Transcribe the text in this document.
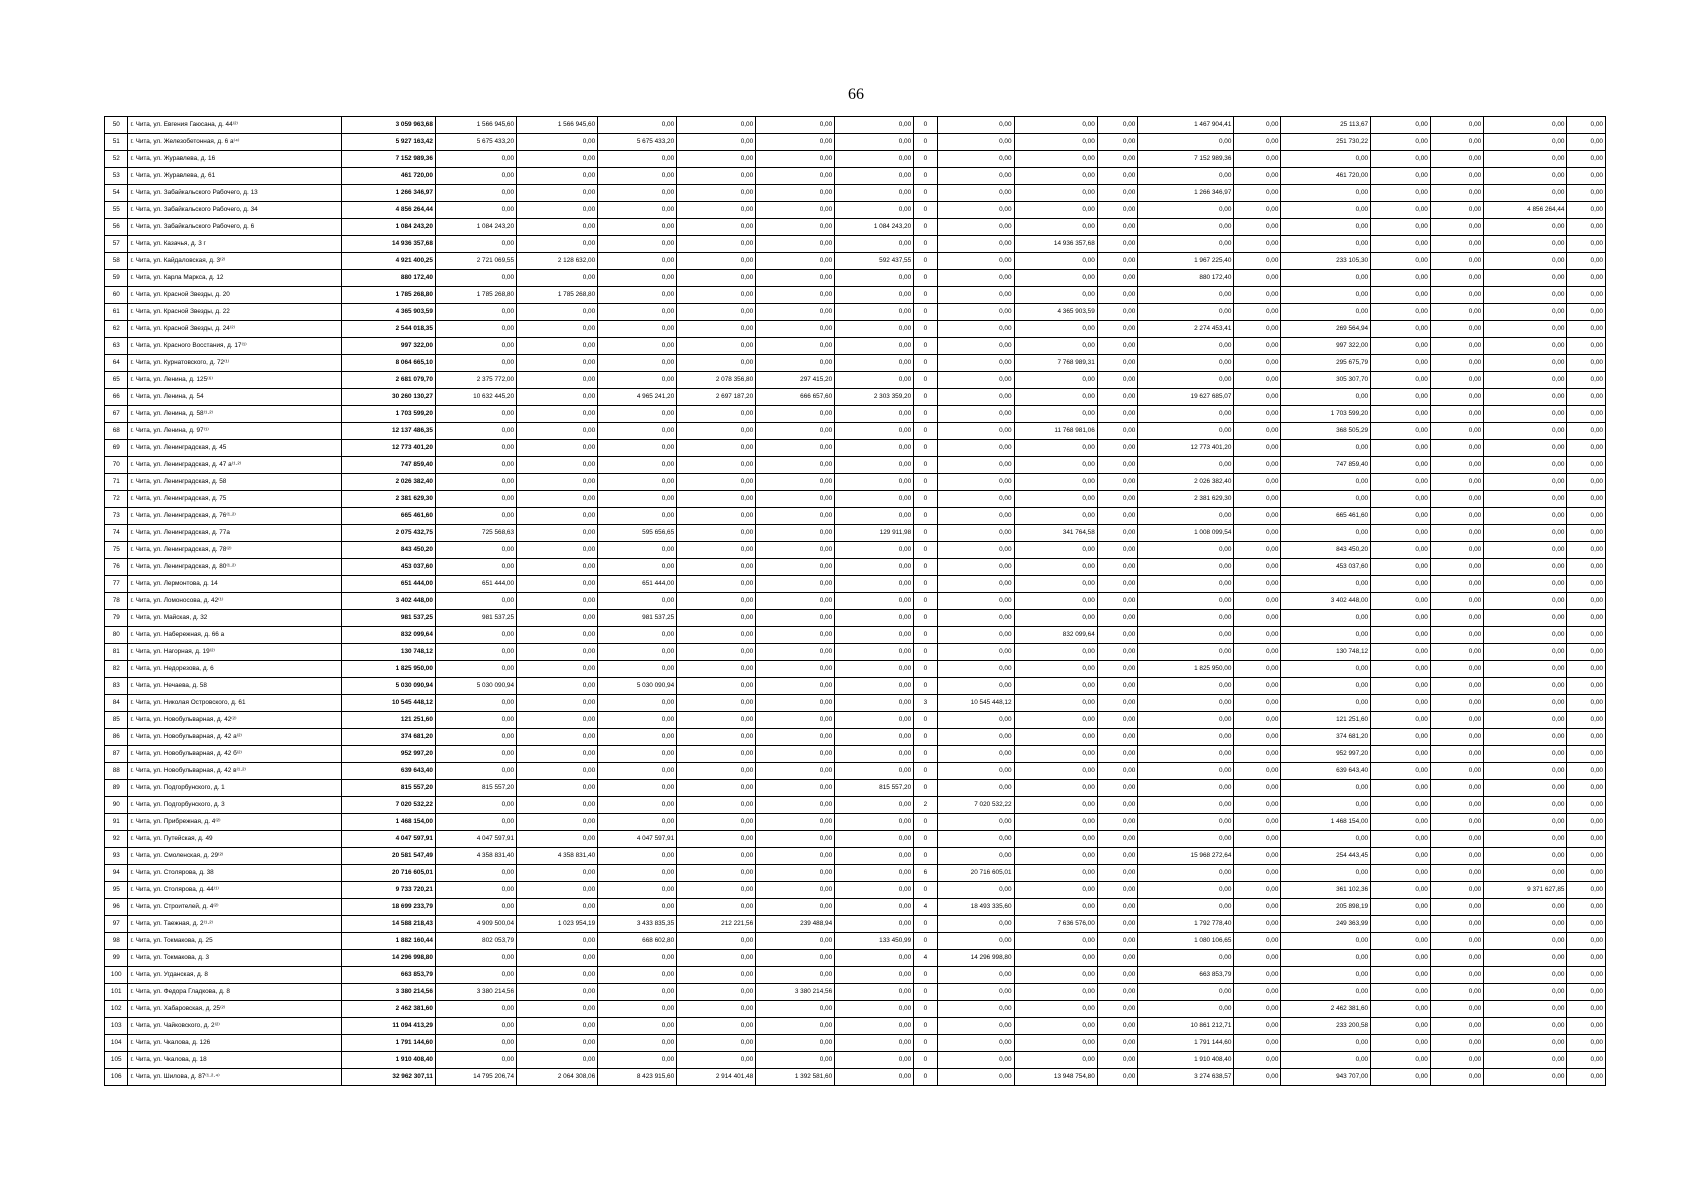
66
50	г. Чита, ул. Евгения Гаюсана, д. 44⁽²⁾	3 059 963,68	1 566 945,60	1 566 945,60	0,00	0,00	0,00	0,00	0	0,00	0,00	0,00	1 467 904,41	0,00	25 113,67	0,00	0,00	0,00	0,00
51	г. Чита, ул. Железобетонная, д. 6 а⁽⁴⁾	5 927 163,42	5 675 433,20	0,00	5 675 433,20	0,00	0,00	0,00	0	0,00	0,00	0,00	0,00	0,00	251 730,22	0,00	0,00	0,00	0,00
52	г. Чита, ул. Журавлева, д. 16	7 152 989,36	0,00	0,00	0,00	0,00	0,00	0,00	0	0,00	0,00	0,00	7 152 989,36	0,00	0,00	0,00	0,00	0,00	0,00
53	г. Чита, ул. Журавлева, д. 61	461 720,00	0,00	0,00	0,00	0,00	0,00	0,00	0	0,00	0,00	0,00	0,00	0,00	461 720,00	0,00	0,00	0,00	0,00
54	г. Чита, ул. Забайкальского Рабочего, д. 13	1 266 346,97	0,00	0,00	0,00	0,00	0,00	0,00	0	0,00	0,00	0,00	1 266 346,97	0,00	0,00	0,00	0,00	0,00	0,00
55	г. Чита, ул. Забайкальского Рабочего, д. 34	4 856 264,44	0,00	0,00	0,00	0,00	0,00	0,00	0	0,00	0,00	0,00	0,00	0,00	0,00	0,00	0,00	4 856 264,44	0,00
56	г. Чита, ул. Забайкальского Рабочего, д. 6	1 084 243,20	1 084 243,20	0,00	0,00	0,00	0,00	1 084 243,20	0	0,00	0,00	0,00	0,00	0,00	0,00	0,00	0,00	0,00	0,00
57	г. Чита, ул. Казачья, д. 3 г	14 936 357,68	0,00	0,00	0,00	0,00	0,00	0,00	0	0,00	14 936 357,68	0,00	0,00	0,00	0,00	0,00	0,00	0,00	0,00
58	г. Чита, ул. Кайдаловская, д. 3⁽²⁾	4 921 400,25	2 721 069,55	2 128 632,00	0,00	0,00	0,00	592 437,55	0	0,00	0,00	0,00	1 967 225,40	0,00	233 105,30	0,00	0,00	0,00	0,00
59	г. Чита, ул. Карла Маркса, д. 12	880 172,40	0,00	0,00	0,00	0,00	0,00	0,00	0	0,00	0,00	0,00	880 172,40	0,00	0,00	0,00	0,00	0,00	0,00
60	г. Чита, ул. Красной Звезды, д. 20	1 785 268,80	1 785 268,80	1 785 268,80	0,00	0,00	0,00	0,00	0	0,00	0,00	0,00	0,00	0,00	0,00	0,00	0,00	0,00	0,00
61	г. Чита, ул. Красной Звезды, д. 22	4 365 903,59	0,00	0,00	0,00	0,00	0,00	0,00	0	0,00	4 365 903,59	0,00	0,00	0,00	0,00	0,00	0,00	0,00	0,00
62	г. Чита, ул. Красной Звезды, д. 24⁽²⁾	2 544 018,35	0,00	0,00	0,00	0,00	0,00	0,00	0	0,00	0,00	0,00	2 274 453,41	0,00	269 564,94	0,00	0,00	0,00	0,00
63	г. Чита, ул. Красного Восстания, д. 17⁽¹⁾	997 322,00	0,00	0,00	0,00	0,00	0,00	0,00	0	0,00	0,00	0,00	0,00	0,00	997 322,00	0,00	0,00	0,00	0,00
64	г. Чита, ул. Курнатовского, д. 72⁽¹⁾	8 064 665,10	0,00	0,00	0,00	0,00	0,00	0,00	0	0,00	7 768 989,31	0,00	0,00	0,00	295 675,79	0,00	0,00	0,00	0,00
65	г. Чита, ул. Ленина, д. 125⁽⁶⁾	2 681 079,70	2 375 772,00	0,00	0,00	2 078 356,80	297 415,20	0,00	0	0,00	0,00	0,00	0,00	0,00	305 307,70	0,00	0,00	0,00	0,00
66	г. Чита, ул. Ленина, д. 54	30 260 130,27	10 632 445,20	0,00	4 965 241,20	2 697 187,20	666 657,60	2 303 359,20	0	0,00	0,00	0,00	19 627 685,07	0,00	0,00	0,00	0,00	0,00	0,00
67	г. Чита, ул. Ленина, д. 58⁽¹·²⁾	1 703 599,20	0,00	0,00	0,00	0,00	0,00	0,00	0	0,00	0,00	0,00	0,00	0,00	1 703 599,20	0,00	0,00	0,00	0,00
68	г. Чита, ул. Ленина, д. 97⁽¹⁾	12 137 486,35	0,00	0,00	0,00	0,00	0,00	0,00	0	0,00	11 768 981,06	0,00	0,00	0,00	368 505,29	0,00	0,00	0,00	0,00
69	г. Чита, ул. Ленинградская, д. 45	12 773 401,20	0,00	0,00	0,00	0,00	0,00	0,00	0	0,00	0,00	0,00	12 773 401,20	0,00	0,00	0,00	0,00	0,00	0,00
70	г. Чита, ул. Ленинградская, д. 47 а⁽¹·²⁾	747 859,40	0,00	0,00	0,00	0,00	0,00	0,00	0	0,00	0,00	0,00	0,00	0,00	747 859,40	0,00	0,00	0,00	0,00
71	г. Чита, ул. Ленинградская, д. 58	2 026 382,40	0,00	0,00	0,00	0,00	0,00	0,00	0	0,00	0,00	0,00	2 026 382,40	0,00	0,00	0,00	0,00	0,00	0,00
72	г. Чита, ул. Ленинградская, д. 75	2 381 629,30	0,00	0,00	0,00	0,00	0,00	0,00	0	0,00	0,00	0,00	2 381 629,30	0,00	0,00	0,00	0,00	0,00	0,00
73	г. Чита, ул. Ленинградская, д. 76⁽¹·²⁾	665 461,60	0,00	0,00	0,00	0,00	0,00	0,00	0	0,00	0,00	0,00	0,00	0,00	665 461,60	0,00	0,00	0,00	0,00
74	г. Чита, ул. Ленинградская, д. 77а	2 075 432,75	725 568,63	0,00	595 656,65	0,00	0,00	129 911,98	0	0,00	341 764,58	0,00	1 008 099,54	0,00	0,00	0,00	0,00	0,00	0,00
75	г. Чита, ул. Ленинградская, д. 78⁽²⁾	843 450,20	0,00	0,00	0,00	0,00	0,00	0,00	0	0,00	0,00	0,00	0,00	0,00	843 450,20	0,00	0,00	0,00	0,00
76	г. Чита, ул. Ленинградская, д. 80⁽¹·²⁾	453 037,60	0,00	0,00	0,00	0,00	0,00	0,00	0	0,00	0,00	0,00	0,00	0,00	453 037,60	0,00	0,00	0,00	0,00
77	г. Чита, ул. Лермонтова, д. 14	651 444,00	651 444,00	0,00	651 444,00	0,00	0,00	0,00	0	0,00	0,00	0,00	0,00	0,00	0,00	0,00	0,00	0,00	0,00
78	г. Чита, ул. Ломоносова, д. 42⁽¹⁾	3 402 448,00	0,00	0,00	0,00	0,00	0,00	0,00	0	0,00	0,00	0,00	0,00	0,00	3 402 448,00	0,00	0,00	0,00	0,00
79	г. Чита, ул. Майская, д. 32	981 537,25	981 537,25	0,00	981 537,25	0,00	0,00	0,00	0	0,00	0,00	0,00	0,00	0,00	0,00	0,00	0,00	0,00	0,00
80	г. Чита, ул. Набережная, д. 66 а	832 099,64	0,00	0,00	0,00	0,00	0,00	0,00	0	0,00	832 099,64	0,00	0,00	0,00	0,00	0,00	0,00	0,00	0,00
81	г. Чита, ул. Нагорная, д. 19⁽²⁾	130 748,12	0,00	0,00	0,00	0,00	0,00	0,00	0	0,00	0,00	0,00	0,00	0,00	130 748,12	0,00	0,00	0,00	0,00
82	г. Чита, ул. Недорезова, д. 6	1 825 950,00	0,00	0,00	0,00	0,00	0,00	0,00	0	0,00	0,00	0,00	1 825 950,00	0,00	0,00	0,00	0,00	0,00	0,00
83	г. Чита, ул. Нечаева, д. 58	5 030 090,94	5 030 090,94	0,00	5 030 090,94	0,00	0,00	0,00	0	0,00	0,00	0,00	0,00	0,00	0,00	0,00	0,00	0,00	0,00
84	г. Чита, ул. Николая Островского, д. 61	10 545 448,12	0,00	0,00	0,00	0,00	0,00	0,00	3	10 545 448,12	0,00	0,00	0,00	0,00	0,00	0,00	0,00	0,00	0,00
85	г. Чита, ул. Новобульварная, д. 42⁽²⁾	121 251,60	0,00	0,00	0,00	0,00	0,00	0,00	0	0,00	0,00	0,00	0,00	0,00	121 251,60	0,00	0,00	0,00	0,00
86	г. Чита, ул. Новобульварная, д. 42 а⁽²⁾	374 681,20	0,00	0,00	0,00	0,00	0,00	0,00	0	0,00	0,00	0,00	0,00	0,00	374 681,20	0,00	0,00	0,00	0,00
87	г. Чита, ул. Новобульварная, д. 42 б⁽²⁾	952 997,20	0,00	0,00	0,00	0,00	0,00	0,00	0	0,00	0,00	0,00	0,00	0,00	952 997,20	0,00	0,00	0,00	0,00
88	г. Чита, ул. Новобульварная, д. 42 в⁽¹·²⁾	639 643,40	0,00	0,00	0,00	0,00	0,00	0,00	0	0,00	0,00	0,00	0,00	0,00	639 643,40	0,00	0,00	0,00	0,00
89	г. Чита, ул. Подгорбунского, д. 1	815 557,20	815 557,20	0,00	0,00	0,00	0,00	815 557,20	0	0,00	0,00	0,00	0,00	0,00	0,00	0,00	0,00	0,00	0,00
90	г. Чита, ул. Подгорбунского, д. 3	7 020 532,22	0,00	0,00	0,00	0,00	0,00	0,00	2	7 020 532,22	0,00	0,00	0,00	0,00	0,00	0,00	0,00	0,00	0,00
91	г. Чита, ул. Прибрежная, д. 4⁽²⁾	1 468 154,00	0,00	0,00	0,00	0,00	0,00	0,00	0	0,00	0,00	0,00	0,00	0,00	1 468 154,00	0,00	0,00	0,00	0,00
92	г. Чита, ул. Путейская, д. 49	4 047 597,91	4 047 597,91	0,00	4 047 597,91	0,00	0,00	0,00	0	0,00	0,00	0,00	0,00	0,00	0,00	0,00	0,00	0,00	0,00
93	г. Чита, ул. Смоленская, д. 29⁽²⁾	20 581 547,49	4 358 831,40	4 358 831,40	0,00	0,00	0,00	0,00	0	0,00	0,00	0,00	15 968 272,64	0,00	254 443,45	0,00	0,00	0,00	0,00
94	г. Чита, ул. Столярова, д. 38	20 716 605,01	0,00	0,00	0,00	0,00	0,00	0,00	6	20 716 605,01	0,00	0,00	0,00	0,00	0,00	0,00	0,00	0,00	0,00
95	г. Чита, ул. Столярова, д. 44⁽¹⁾	9 733 720,21	0,00	0,00	0,00	0,00	0,00	0,00	0	0,00	0,00	0,00	0,00	0,00	361 102,36	0,00	0,00	9 371 627,85	0,00
96	г. Чита, ул. Строителей, д. 4⁽²⁾	18 699 233,79	0,00	0,00	0,00	0,00	0,00	0,00	4	18 493 335,60	0,00	0,00	0,00	0,00	205 898,19	0,00	0,00	0,00	0,00
97	г. Чита, ул. Таежная, д. 2⁽¹·²⁾	14 588 218,43	4 909 500,04	1 023 954,19	3 433 835,35	212 221,56	239 488,94	0,00	0	0,00	7 636 576,00	0,00	1 792 778,40	0,00	249 363,99	0,00	0,00	0,00	0,00
98	г. Чита, ул. Токмакова, д. 25	1 882 160,44	802 053,79	0,00	668 602,80	0,00	0,00	133 450,99	0	0,00	0,00	0,00	1 080 106,65	0,00	0,00	0,00	0,00	0,00	0,00
99	г. Чита, ул. Токмакова, д. 3	14 296 998,80	0,00	0,00	0,00	0,00	0,00	0,00	4	14 296 998,80	0,00	0,00	0,00	0,00	0,00	0,00	0,00	0,00	0,00
100	г. Чита, ул. Угданская, д. 8	663 853,79	0,00	0,00	0,00	0,00	0,00	0,00	0	0,00	0,00	0,00	663 853,79	0,00	0,00	0,00	0,00	0,00	0,00
101	г. Чита, ул. Федора Гладкова, д. 8	3 380 214,56	3 380 214,56	0,00	0,00	0,00	3 380 214,56	0,00	0	0,00	0,00	0,00	0,00	0,00	0,00	0,00	0,00	0,00	0,00
102	г. Чита, ул. Хабаровская, д. 25⁽²⁾	2 462 381,60	0,00	0,00	0,00	0,00	0,00	0,00	0	0,00	0,00	0,00	0,00	0,00	2 462 381,60	0,00	0,00	0,00	0,00
103	г. Чита, ул. Чайковского, д. 2⁽²⁾	11 094 413,29	0,00	0,00	0,00	0,00	0,00	0,00	0	0,00	0,00	0,00	10 861 212,71	0,00	233 200,58	0,00	0,00	0,00	0,00
104	г. Чита, ул. Чкалова, д. 126	1 791 144,60	0,00	0,00	0,00	0,00	0,00	0,00	0	0,00	0,00	0,00	1 791 144,60	0,00	0,00	0,00	0,00	0,00	0,00
105	г. Чита, ул. Чкалова, д. 18	1 910 408,40	0,00	0,00	0,00	0,00	0,00	0,00	0	0,00	0,00	0,00	1 910 408,40	0,00	0,00	0,00	0,00	0,00	0,00
106	г. Чита, ул. Шилова, д. 87⁽¹·²·⁴⁾	32 962 307,11	14 795 206,74	2 064 308,06	8 423 915,60	2 914 401,48	1 392 581,60	0,00	0	0,00	13 948 754,80	0,00	3 274 638,57	0,00	943 707,00	0,00	0,00	0,00	0,00
